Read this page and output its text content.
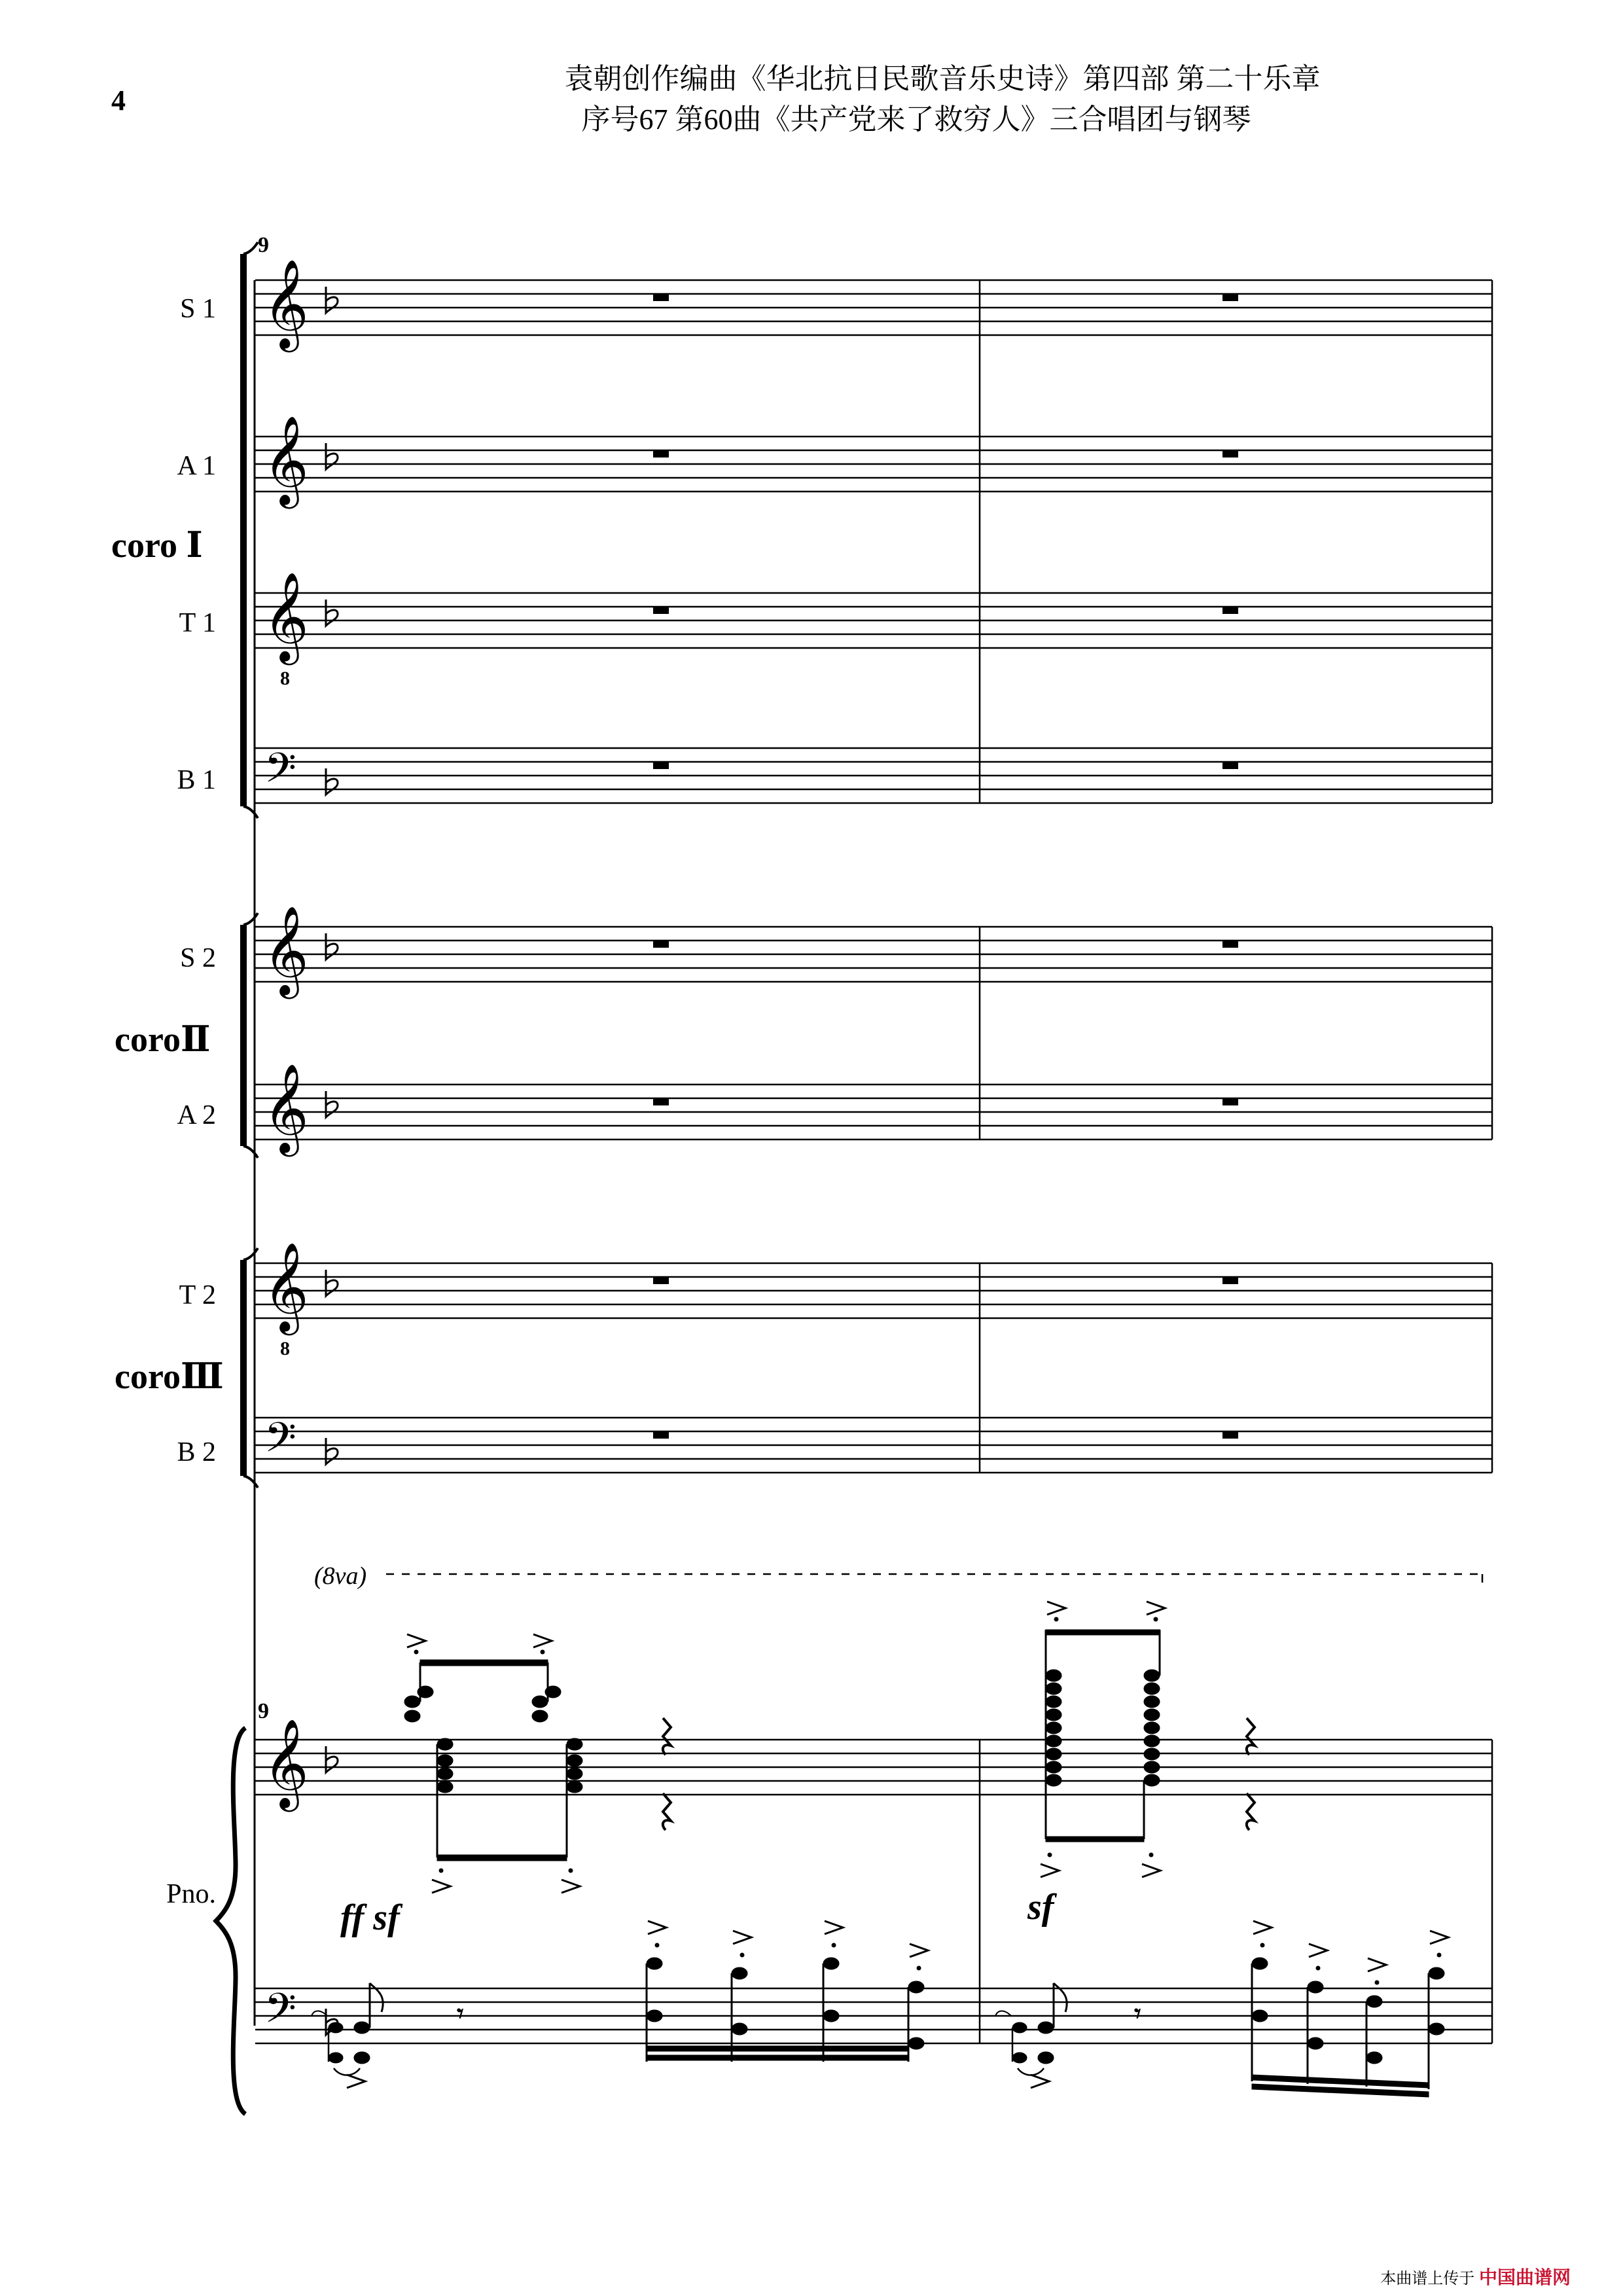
4
袁朝创作编曲《华北抗日民歌音乐史诗》第四部 第二十乐章
序号67 第60曲《共产党来了救穷人》三合唱团与钢琴
S 1
A 1
T 1
B 1
S 2
A 2
T 2
B 2
coro Ⅰ
coroⅡ
coroⅢ
Pno.
9
𝄞
𝄞
𝄞
8
𝄢
𝄞
𝄞
𝄞
8
𝄢
(8va)
9
𝄞
𝄢
ff sf	sf
𝄾	𝄾
本曲谱上传于 中国曲谱网
